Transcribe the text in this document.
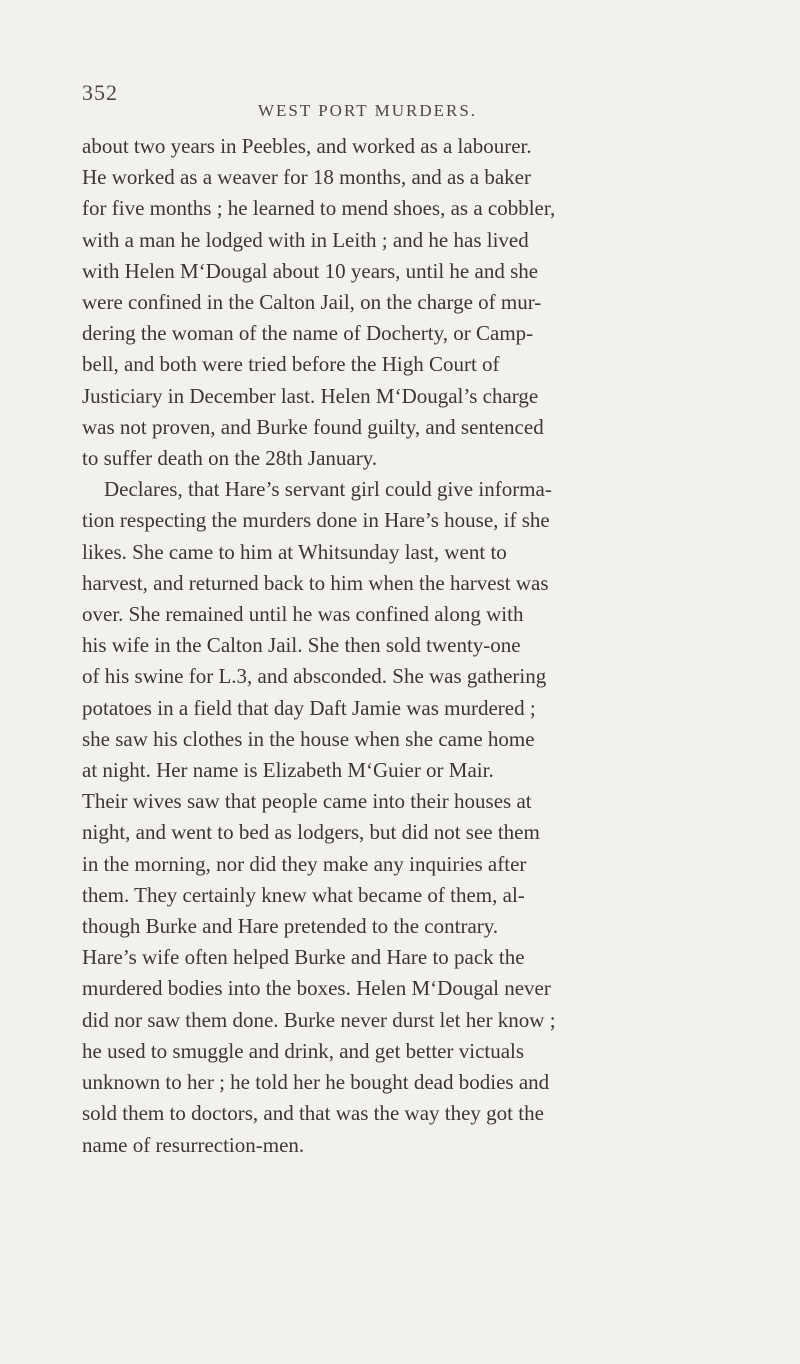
352
WEST PORT MURDERS.

about two years in Peebles, and worked as a labourer.

He worked as a weaver for 18 months, and as a baker

for five months ; he learned to mend shoes, as a cobbler,

with a man he lodged with in Leith ; and he has lived

with Helen M‘Dougal about 10 years, until he and she

were confined in the Calton Jail, on the charge of mur-

dering the woman of the name of Docherty, or Camp-

bell, and both were tried before the High Court of

Justiciary in December last. Helen M‘Dougal’s charge

was not proven, and Burke found guilty, and sentenced

to suffer death on the 28th January.

Declares, that Hare’s servant girl could give informa-

tion respecting the murders done in Hare’s house, if she

likes. She came to him at Whitsunday last, went to

harvest, and returned back to him when the harvest was

over. She remained until he was confined along with

his wife in the Calton Jail. She then sold twenty-one

of his swine for L.3, and absconded. She was gathering

potatoes in a field that day Daft Jamie was murdered ;

she saw his clothes in the house when she came home

at night. Her name is Elizabeth M‘Guier or Mair.

Their wives saw that people came into their houses at

night, and went to bed as lodgers, but did not see them

in the morning, nor did they make any inquiries after

them. They certainly knew what became of them, al-

though Burke and Hare pretended to the contrary.

Hare’s wife often helped Burke and Hare to pack the

murdered bodies into the boxes. Helen M‘Dougal never

did nor saw them done. Burke never durst let her know ;

he used to smuggle and drink, and get better victuals

unknown to her ; he told her he bought dead bodies and

sold them to doctors, and that was the way they got the

name of resurrection-men.
